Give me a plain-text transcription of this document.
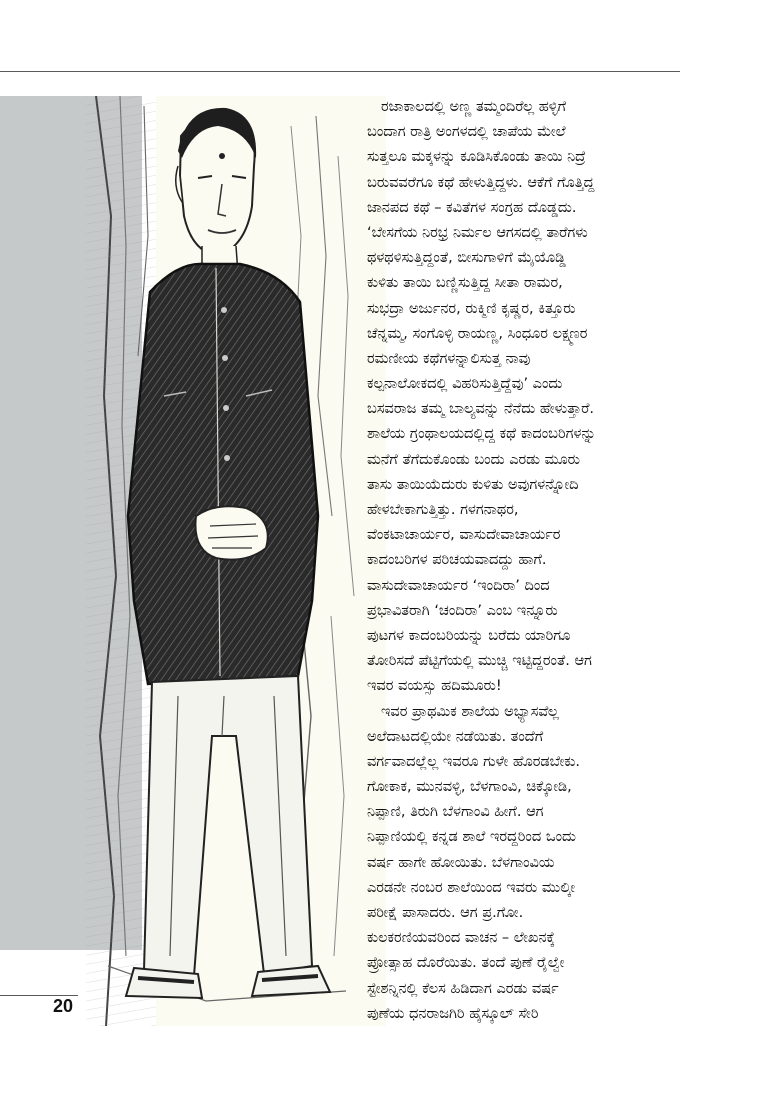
20
ರಜಾಕಾಲದಲ್ಲಿ ಅಣ್ಣ ತಮ್ಮಂದಿರೆಲ್ಲ ಹಳ್ಳಿಗೆ
ಬಂದಾಗ ರಾತ್ರಿ ಅಂಗಳದಲ್ಲಿ ಚಾಪೆಯ ಮೇಲೆ
ಸುತ್ತಲೂ ಮಕ್ಕಳನ್ನು ಕೂಡಿಸಿಕೊಂಡು ತಾಯಿ ನಿದ್ರೆ
ಬರುವವರೆಗೂ ಕಥೆ ಹೇಳುತ್ತಿದ್ದಳು. ಆಕೆಗೆ ಗೊತ್ತಿದ್ದ
ಜಾನಪದ ಕಥೆ – ಕವಿತೆಗಳ ಸಂಗ್ರಹ ದೊಡ್ಡದು.
‘ಬೇಸಗೆಯ ನಿರಭ್ರ ನಿರ್ಮಲ ಆಗಸದಲ್ಲಿ ತಾರೆಗಳು
ಥಳಥಳಿಸುತ್ತಿದ್ದಂತೆ, ಬೀಸುಗಾಳಿಗೆ ಮೈಯೊಡ್ಡಿ
ಕುಳಿತು ತಾಯಿ ಬಣ್ಣಿಸುತ್ತಿದ್ದ ಸೀತಾ ರಾಮರ,
ಸುಭದ್ರಾ ಅರ್ಜುನರ, ರುಕ್ಮಿಣಿ ಕೃಷ್ಣರ, ಕಿತ್ತೂರು
ಚೆನ್ನಮ್ಮ, ಸಂಗೊಳ್ಳಿ ರಾಯಣ್ಣ, ಸಿಂಧೂರ ಲಕ್ಷ್ಮಣರ
ರಮಣೀಯ ಕಥೆಗಳನ್ನಾಲಿಸುತ್ತ ನಾವು
ಕಲ್ಪನಾಲೋಕದಲ್ಲಿ ವಿಹರಿಸುತ್ತಿದ್ದೆವು’ ಎಂದು
ಬಸವರಾಜ ತಮ್ಮ ಬಾಲ್ಯವನ್ನು ನೆನೆದು ಹೇಳುತ್ತಾರೆ.
ಶಾಲೆಯ ಗ್ರಂಥಾಲಯದಲ್ಲಿದ್ದ ಕಥೆ ಕಾದಂಬರಿಗಳನ್ನು
ಮನೆಗೆ ತೆಗೆದುಕೊಂಡು ಬಂದು ಎರಡು ಮೂರು
ತಾಸು ತಾಯಿಯೆದುರು ಕುಳಿತು ಅವುಗಳನ್ನೋದಿ
ಹೇಳಬೇಕಾಗುತ್ತಿತ್ತು. ಗಳಗನಾಥರ,
ವೆಂಕಟಾಚಾರ್ಯರ, ವಾಸುದೇವಾಚಾರ್ಯರ
ಕಾದಂಬರಿಗಳ ಪರಿಚಯವಾದದ್ದು ಹಾಗೆ.
ವಾಸುದೇವಾಚಾರ್ಯರ ‘ಇಂದಿರಾ’ ದಿಂದ
ಪ್ರಭಾವಿತರಾಗಿ ‘ಚಂದಿರಾ’ ಎಂಬ ಇನ್ನೂರು
ಪುಟಗಳ ಕಾದಂಬರಿಯನ್ನು ಬರೆದು ಯಾರಿಗೂ
ತೋರಿಸದೆ ಪೆಟ್ಟಿಗೆಯಲ್ಲಿ ಮುಚ್ಚಿ ಇಟ್ಟಿದ್ದರಂತೆ. ಆಗ
ಇವರ ವಯಸ್ಸು ಹದಿಮೂರು!
ಇವರ ಪ್ರಾಥಮಿಕ ಶಾಲೆಯ ಅಭ್ಯಾಸವೆಲ್ಲ
ಅಲೆದಾಟದಲ್ಲಿಯೇ ನಡೆಯಿತು. ತಂದೆಗೆ
ವರ್ಗವಾದಲ್ಲೆಲ್ಲ ಇವರೂ ಗುಳೇ ಹೊರಡಬೇಕು.
ಗೋಕಾಕ, ಮುನವಳ್ಳಿ, ಬೆಳಗಾಂವಿ, ಚಿಕ್ಕೋಡಿ,
ನಿಪ್ಪಾಣಿ, ತಿರುಗಿ ಬೆಳಗಾಂವಿ ಹೀಗೆ. ಆಗ
ನಿಪ್ಪಾಣಿಯಲ್ಲಿ ಕನ್ನಡ ಶಾಲೆ ಇರದ್ದರಿಂದ ಒಂದು
ವರ್ಷ ಹಾಗೇ ಹೋಯಿತು. ಬೆಳಗಾಂವಿಯ
ಎರಡನೇ ನಂಬರ ಶಾಲೆಯಿಂದ ಇವರು ಮುಲ್ಕೀ
ಪರೀಕ್ಷೆ ಪಾಸಾದರು. ಆಗ ಪ್ರ.ಗೋ.
ಕುಲಕರಣಿಯವರಿಂದ ವಾಚನ – ಲೇಖನಕ್ಕೆ
ಪ್ರೋತ್ಸಾಹ ದೊರೆಯಿತು. ತಂದೆ ಪುಣೆ ರೈಲ್ವೇ
ಸ್ಟೇಶನ್ನಿನಲ್ಲಿ ಕೆಲಸ ಹಿಡಿದಾಗ ಎರಡು ವರ್ಷ
ಪುಣೆಯ ಧನರಾಜಗಿರಿ ಹೈಸ್ಕೂಲ್ ಸೇರಿ
